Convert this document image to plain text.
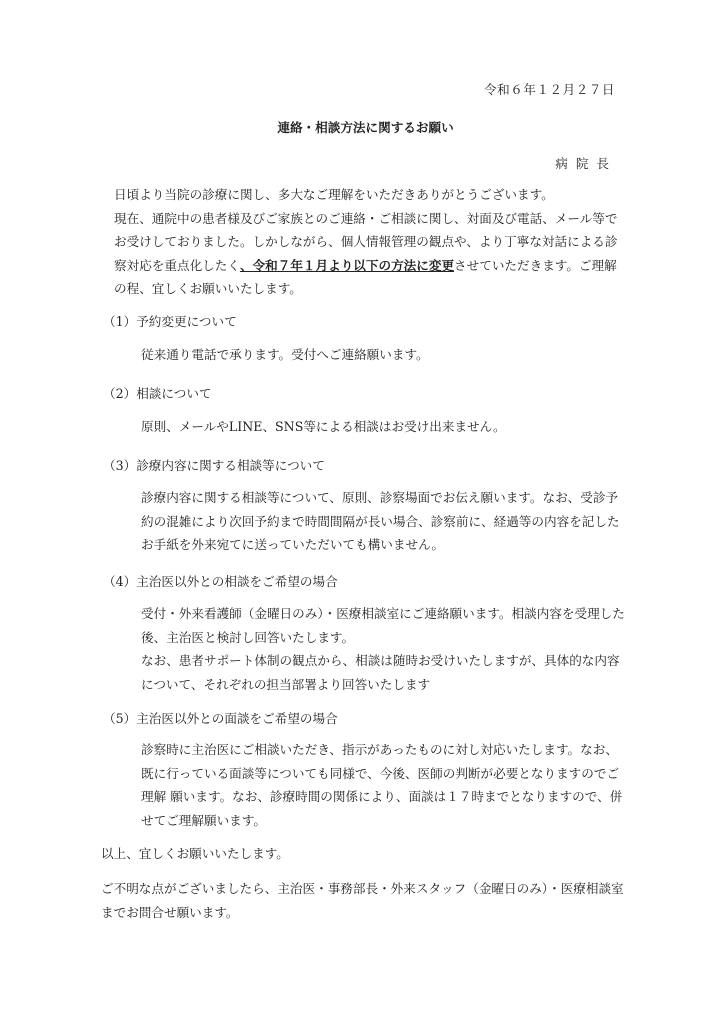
令和６年１２月２７日
連絡・相談方法に関するお願い
病院長

日頃より当院の診療に関し、多大なご理解をいただきありがとうございます。

現在、通院中の患者様及びご家族とのご連絡・ご相談に関し、対面及び電話、メール等でお受けしておりました。しかしながら、個人情報管理の観点や、より丁寧な対話による診察対応を重点化したく、令和７年１月より以下の方法に変更させていただきます。ご理解の程、宜しくお願いいたします。

（1）予約変更について

従来通り電話で承ります。受付へご連絡願います。

（2）相談について

原則、メールやLINE、SNS等による相談はお受け出来ません。

（3）診療内容に関する相談等について

診療内容に関する相談等について、原則、診察場面でお伝え願います。なお、受診予約の混雑により次回予約まで時間間隔が長い場合、診察前に、経過等の内容を記したお手紙を外来宛てに送っていただいても構いません。

（4）主治医以外との相談をご希望の場合

受付・外来看護師（金曜日のみ）・医療相談室にご連絡願います。相談内容を受理した後、主治医と検討し回答いたします。

なお、患者サポート体制の観点から、相談は随時お受けいたしますが、具体的な内容について、それぞれの担当部署より回答いたします

（5）主治医以外との面談をご希望の場合

診察時に主治医にご相談いただき、指示があったものに対し対応いたします。なお、既に行っている面談等についても同様で、今後、医師の判断が必要となりますのでご理解 願います。なお、診療時間の関係により、面談は１７時までとなりますので、併せてご理解願います。

以上、宜しくお願いいたします。

ご不明な点がございましたら、主治医・事務部長・外来スタッフ（金曜日のみ）・医療相談室までお問合せ願います。
